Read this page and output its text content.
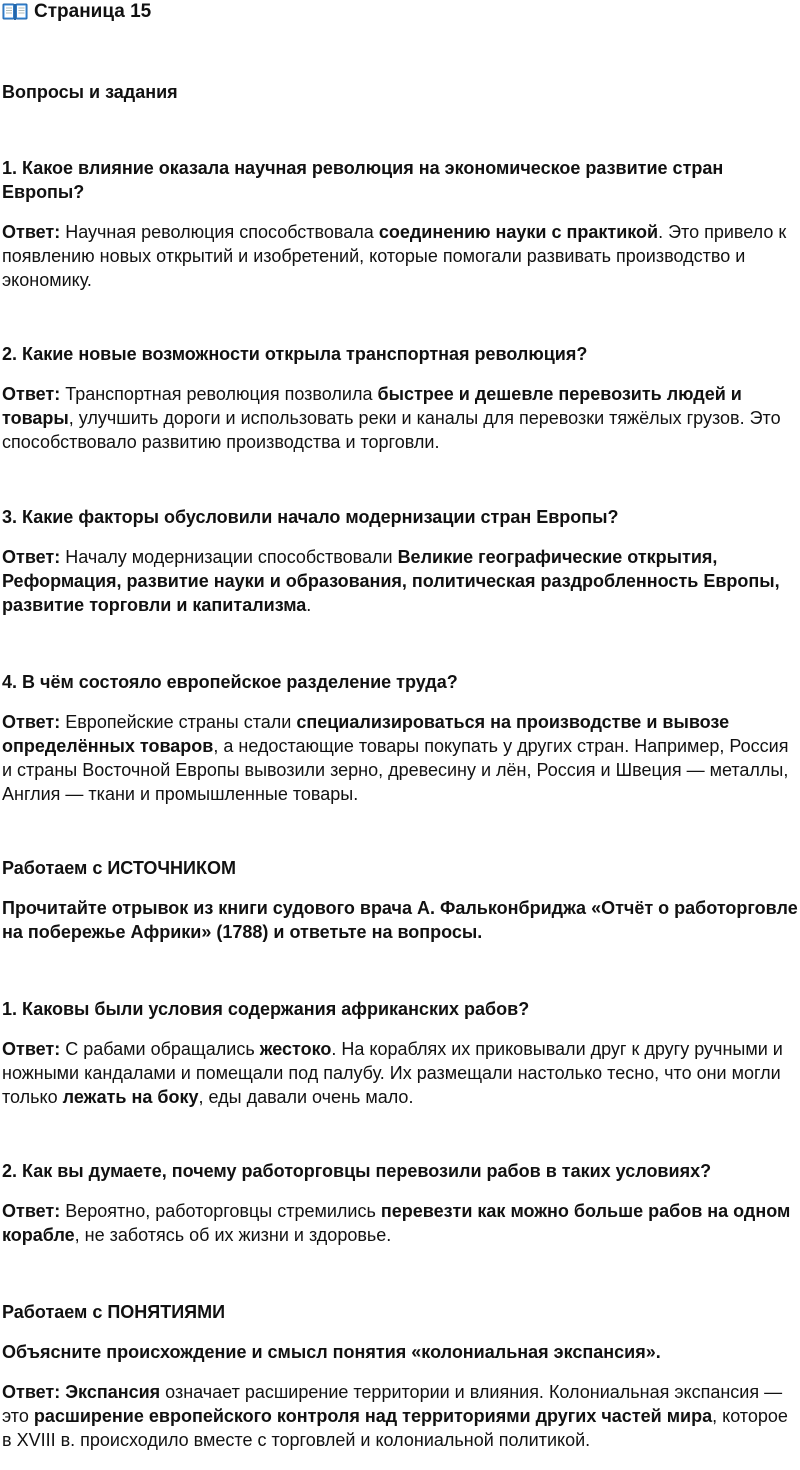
Страница 15
Вопросы и задания
1. Какое влияние оказала научная революция на экономическое развитие стран Европы?
Ответ: Научная революция способствовала соединению науки с практикой. Это привело к появлению новых открытий и изобретений, которые помогали развивать производство и экономику.
2. Какие новые возможности открыла транспортная революция?
Ответ: Транспортная революция позволила быстрее и дешевле перевозить людей и товары, улучшить дороги и использовать реки и каналы для перевозки тяжёлых грузов. Это способствовало развитию производства и торговли.
3. Какие факторы обусловили начало модернизации стран Европы?
Ответ: Началу модернизации способствовали Великие географические открытия, Реформация, развитие науки и образования, политическая раздробленность Европы, развитие торговли и капитализма.
4. В чём состояло европейское разделение труда?
Ответ: Европейские страны стали специализироваться на производстве и вывозе определённых товаров, а недостающие товары покупать у других стран. Например, Россия и страны Восточной Европы вывозили зерно, древесину и лён, Россия и Швеция — металлы, Англия — ткани и промышленные товары.
Работаем с ИСТОЧНИКОМ
Прочитайте отрывок из книги судового врача А. Фальконбриджа «Отчёт о работорговле на побережье Африки» (1788) и ответьте на вопросы.
1. Каковы были условия содержания африканских рабов?
Ответ: С рабами обращались жестоко. На кораблях их приковывали друг к другу ручными и ножными кандалами и помещали под палубу. Их размещали настолько тесно, что они могли только лежать на боку, еды давали очень мало.
2. Как вы думаете, почему работорговцы перевозили рабов в таких условиях?
Ответ: Вероятно, работорговцы стремились перевезти как можно больше рабов на одном корабле, не заботясь об их жизни и здоровье.
Работаем с ПОНЯТИЯМИ
Объясните происхождение и смысл понятия «колониальная экспансия».
Ответ: Экспансия означает расширение территории и влияния. Колониальная экспансия — это расширение европейского контроля над территориями других частей мира, которое в XVIII в. происходило вместе с торговлей и колониальной политикой.
